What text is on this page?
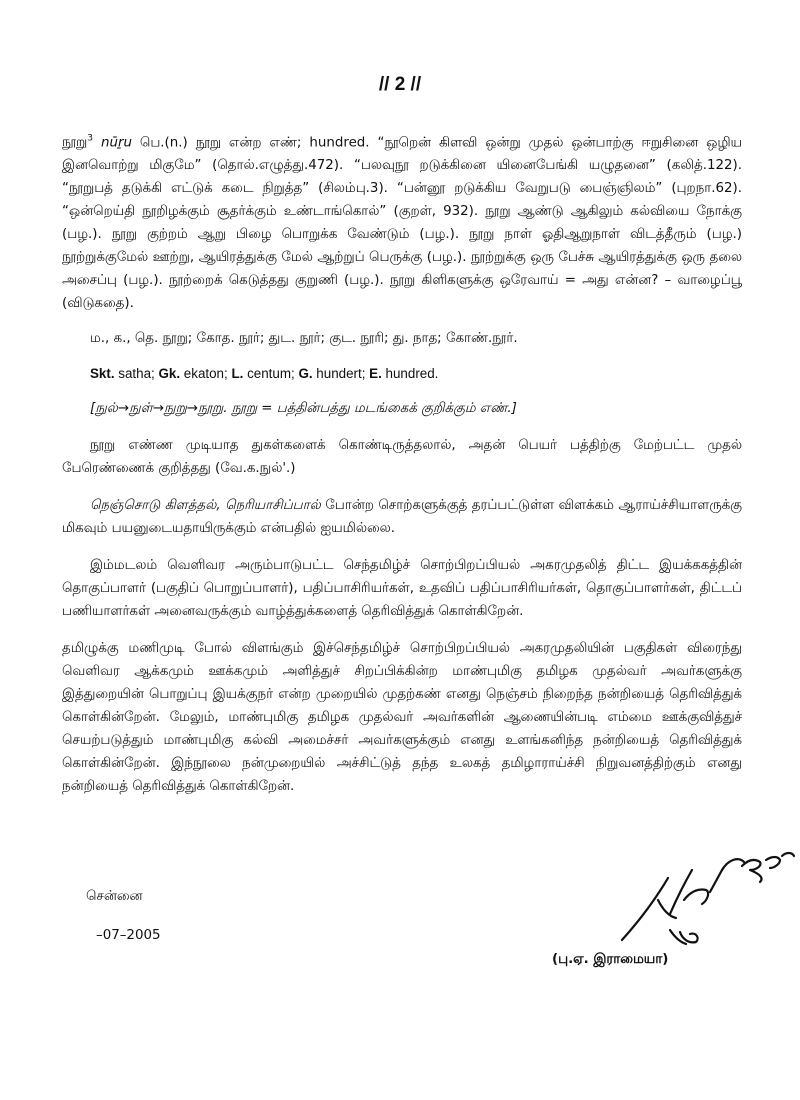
// 2 //

நூறு$^3$ nūṟu பெ.(n.) நூறு என்ற எண்; hundred. “நூறென் கிளவி ஒன்று முதல் ஒன்பாற்கு ஈறுசினை ஒழிய இனவொற்று மிகுமே” (தொல்.எழுத்து.472). “பலவுநூ றடுக்கினை யினைபேங்கி யழுதனை” (கலித்.122). “நூறுபத் தடுக்கி எட்டுக் கடை நிறுத்த” (சிலம்பு.3). “பன்னூ றடுக்கிய வேறுபடு பைஞ்ஞிலம்” (புறநா.62). “ஒன்றெய்தி நூறிழக்கும் சூதர்க்கும் உண்டாங்கொல்” (குறள், 932). நூறு ஆண்டு ஆகிலும் கல்வியை நோக்கு (பழ.). நூறு குற்றம் ஆறு பிழை பொறுக்க வேண்டும் (பழ.). நூறு நாள் ஓதிஆறுநாள் விடத்தீரும் (பழ.) நூற்றுக்குமேல் ஊற்று, ஆயிரத்துக்கு மேல் ஆற்றுப் பெருக்கு (பழ.). நூற்றுக்கு ஒரு பேச்சு ஆயிரத்துக்கு ஒரு தலை அசைப்பு (பழ.). நூற்றைக் கெடுத்தது குறுணி (பழ.). நூறு கிளிகளுக்கு ஒரேவாய் = அது என்ன? – வாழைப்பூ (விடுகதை).

ம., க., தெ. நூறு; கோத. நூர்; துட. நூர்; குட. நூரி; து. நாத; கோண்.நூர்.

Skt. satha; Gk. ekaton; L. centum; G. hundert; E. hundred.

[நுல்→நுள்→நுறு→நூறு. நூறு = பத்தின்பத்து மடங்கைக் குறிக்கும் எண்.]

நூறு எண்ண முடியாத துகள்களைக் கொண்டிருத்தலால், அதன் பெயர் பத்திற்கு மேற்பட்ட முதல் பேரெண்ணைக் குறித்தது (வே.க.நுல்'.)

நெஞ்சொடு கிளத்தல், நெரியாசிப்பால் போன்ற சொற்களுக்குத் தரப்பட்டுள்ள விளக்கம் ஆராய்ச்சியாளருக்கு மிகவும் பயனுடையதாயிருக்கும் என்பதில் ஐயமில்லை.

இம்மடலம் வெளிவர அரும்பாடுபட்ட செந்தமிழ்ச் சொற்பிறப்பியல் அகரமுதலித் திட்ட இயக்ககத்தின் தொகுப்பாளர் (பகுதிப் பொறுப்பாளர்), பதிப்பாசிரியர்கள், உதவிப் பதிப்பாசிரியர்கள், தொகுப்பாளர்கள், திட்டப் பணியாளர்கள் அனைவருக்கும் வாழ்த்துக்களைத் தெரிவித்துக் கொள்கிறேன்.

தமிழுக்கு மணிமுடி போல் விளங்கும் இச்செந்தமிழ்ச் சொற்பிறப்பியல் அகரமுதலியின் பகுதிகள் விரைந்து வெளிவர ஆக்கமும் ஊக்கமும் அளித்துச் சிறப்பிக்கின்ற மாண்புமிகு தமிழக முதல்வர் அவர்களுக்கு இத்துறையின் பொறுப்பு இயக்குநர் என்ற முறையில் முதற்கண் எனது நெஞ்சம் நிறைந்த நன்றியைத் தெரிவித்துக் கொள்கின்றேன். மேலும், மாண்புமிகு தமிழக முதல்வர் அவர்களின் ஆணையின்படி எம்மை ஊக்குவித்துச் செயற்படுத்தும் மாண்புமிகு கல்வி அமைச்சர் அவர்களுக்கும் எனது உளங்கனிந்த நன்றியைத் தெரிவித்துக் கொள்கின்றேன். இந்நூலை நன்முறையில் அச்சிட்டுத் தந்த உலகத் தமிழாராய்ச்சி நிறுவனத்திற்கும் எனது நன்றியைத் தெரிவித்துக் கொள்கிறேன்.

சென்னை
–07–2005
(பு.ஏ. இராமையா)
